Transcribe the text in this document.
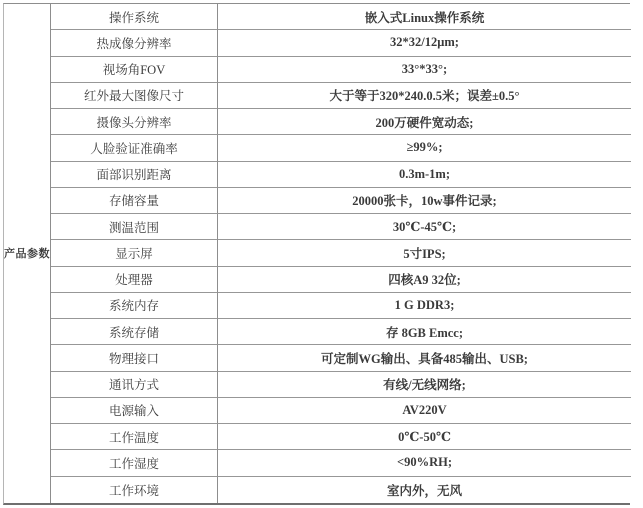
产品参数
操作系统	嵌入式Linux操作系统
热成像分辨率	32*32/12μm;
视场角FOV	33°*33°;
红外最大图像尺寸	大于等于320*240.0.5米；误差±0.5°
摄像头分辨率	200万硬件宽动态;
人脸验证准确率	≥99%;
面部识别距离	0.3m-1m;
存储容量	20000张卡，10w事件记录;
测温范围	30℃-45℃;
显示屏	5寸IPS;
处理器	四核A9 32位;
系统内存	1 G DDR3;
系统存储	存 8GB Emcc;
物理接口	可定制WG输出、具备485输出、USB;
通讯方式	有线/无线网络;
电源输入	AV220V
工作温度	0℃-50℃
工作湿度	<90%RH;
工作环境	室内外，无风
